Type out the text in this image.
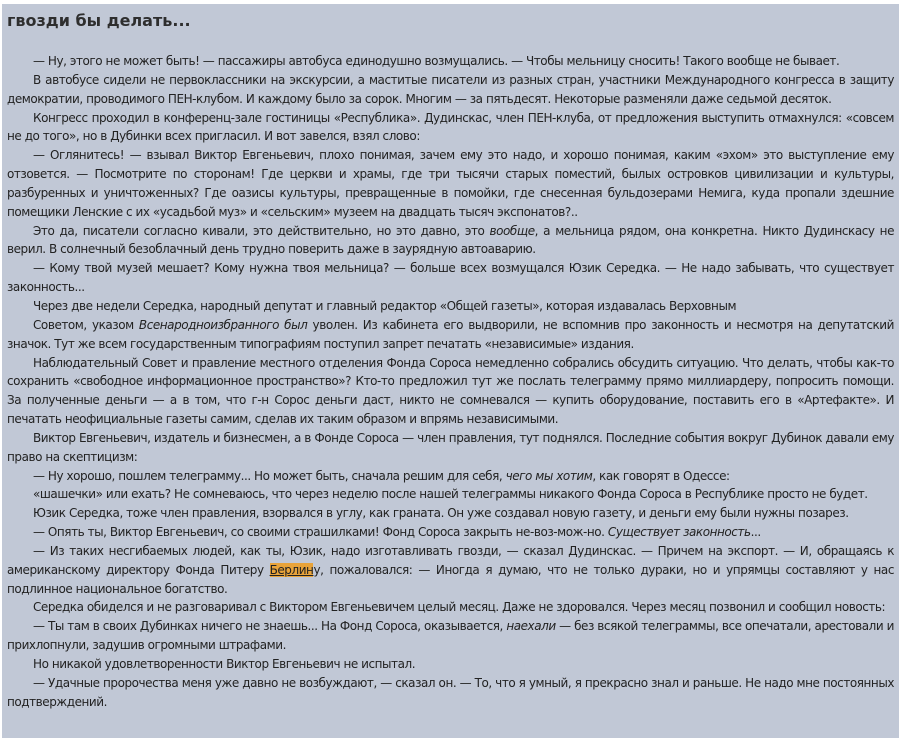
гвозди бы делать...

— Ну, этого не может быть! — пассажиры автобуса единодушно возмущались. — Чтобы мельницу сносить! Такого вообще не бывает.

В автобусе сидели не первоклассники на экскурсии, а маститые писатели из разных стран, участники Международного конгресса в защиту демократии, проводимого ПЕН-клубом. И каждому было за сорок. Многим — за пятьдесят. Некоторые разменяли даже седьмой десяток.

Конгресс проходил в конференц-зале гостиницы «Республика». Дудинскас, член ПЕН-клуба, от предложения выступить отмахнулся: «совсем не до того», но в Дубинки всех пригласил. И вот завелся, взял слово:

— Оглянитесь! — взывал Виктор Евгеньевич, плохо понимая, зачем ему это надо, и хорошо понимая, каким «эхом» это выступление ему отзовется. — Посмотрите по сторонам! Где церкви и храмы, где три тысячи старых поместий, былых островков цивилизации и культуры, разбуренных и уничтоженных? Где оазисы культуры, превращенные в помойки, где снесенная бульдозерами Немига, куда пропали здешние помещики Ленские с их «усадьбой муз» и «сельским» музеем на двадцать тысяч экспонатов?..

Это да, писатели согласно кивали, это действительно, но это давно, это вообще, а мельница рядом, она конкретна. Никто Дудинскасу не верил. В солнечный безоблачный день трудно поверить даже в заурядную автоаварию.

— Кому твой музей мешает? Кому нужна твоя мельница? — больше всех возмущался Юзик Середка. — Не надо забывать, что существует законность...

Через две недели Середка, народный депутат и главный редактор «Общей газеты», которая издавалась Верховным

Советом, указом Всенароднoизбранного был уволен. Из кабинета его выдворили, не вспомнив про законность и несмотря на депутатский значок. Тут же всем государственным типографиям поступил запрет печатать «независимые» издания.

Наблюдательный Совет и правление местного отделения Фонда Сороса немедленно собрались обсудить ситуацию. Что делать, чтобы как-то сохранить «свободное информационное пространство»? Кто-то предложил тут же послать телеграмму прямо миллиардеру, попросить помощи. За полученные деньги — а в том, что г-н Сорос деньги даст, никто не сомневался — купить оборудование, поставить его в «Артефакте». И печатать неофициальные газеты самим, сделав их таким образом и впрямь независимыми.

Виктор Евгеньевич, издатель и бизнесмен, а в Фонде Сороса — член правления, тут поднялся. Последние события вокруг Дубинок давали ему право на скептицизм:

— Ну хорошо, пошлем телеграмму... Но может быть, сначала решим для себя, чего мы хотим, как говорят в Одессе:

«шашечки» или ехать? Не сомневаюсь, что через неделю после нашей телеграммы никакого Фонда Сороса в Республике просто не будет.

Юзик Середка, тоже член правления, взорвался в углу, как граната. Он уже создавал новую газету, и деньги ему были нужны позарез.

— Опять ты, Виктор Евгеньевич, со своими страшилками! Фонд Сороса закрыть не-воз-мож-но. Существует законность...

— Из таких несгибаемых людей, как ты, Юзик, надо изготавливать гвозди, — сказал Дудинскас. — Причем на экспорт. — И, обращаясь к американскому директору Фонда Питеру Берлину, пожаловался: — Иногда я думаю, что не только дураки, но и упрямцы составляют у нас подлинное национальное богатство.

Середка обиделся и не разговаривал с Виктором Евгеньевичем целый месяц. Даже не здоровался. Через месяц позвонил и сообщил новость:

— Ты там в своих Дубинках ничего не знаешь... На Фонд Сороса, оказывается, наехали — без всякой телеграммы, все опечатали, арестовали и прихлопнули, задушив огромными штрафами.

Но никакой удовлетворенности Виктор Евгеньевич не испытал.

— Удачные пророчества меня уже давно не возбуждают, — сказал он. — То, что я умный, я прекрасно знал и раньше. Не надо мне постоянных подтверждений.
